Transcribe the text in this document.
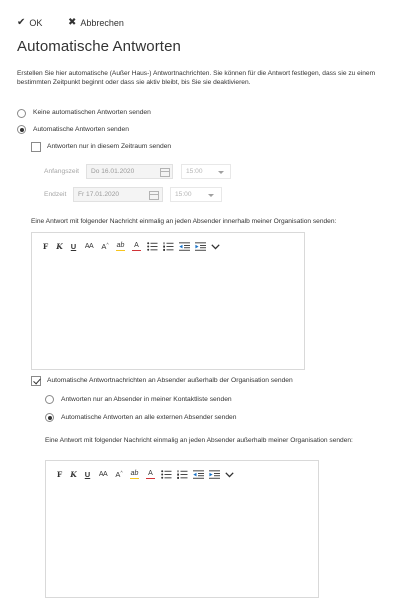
✔ OK	✖ Abbrechen
Automatische Antworten

Erstellen Sie hier automatische (Außer Haus-) Antwortnachrichten. Sie können für die Antwort festlegen, dass sie zu einem bestimmten Zeitpunkt beginnt oder dass sie aktiv bleibt, bis Sie sie deaktivieren.

Keine automatischen Antworten senden
Automatische Antworten senden
Antworten nur in diesem Zeitraum senden
Anfangszeit	Do 16.01.2020	15:00
Endzeit	Fr 17.01.2020	15:00

Eine Antwort mit folgender Nachricht einmalig an jeden Absender innerhalb meiner Organisation senden:

F K U AA A^ ab A
Automatische Antwortnachrichten an Absender außerhalb der Organisation senden
Antworten nur an Absender in meiner Kontaktliste senden
Automatische Antworten an alle externen Absender senden

Eine Antwort mit folgender Nachricht einmalig an jeden Absender außerhalb meiner Organisation senden:

F K U AA A^ ab A
